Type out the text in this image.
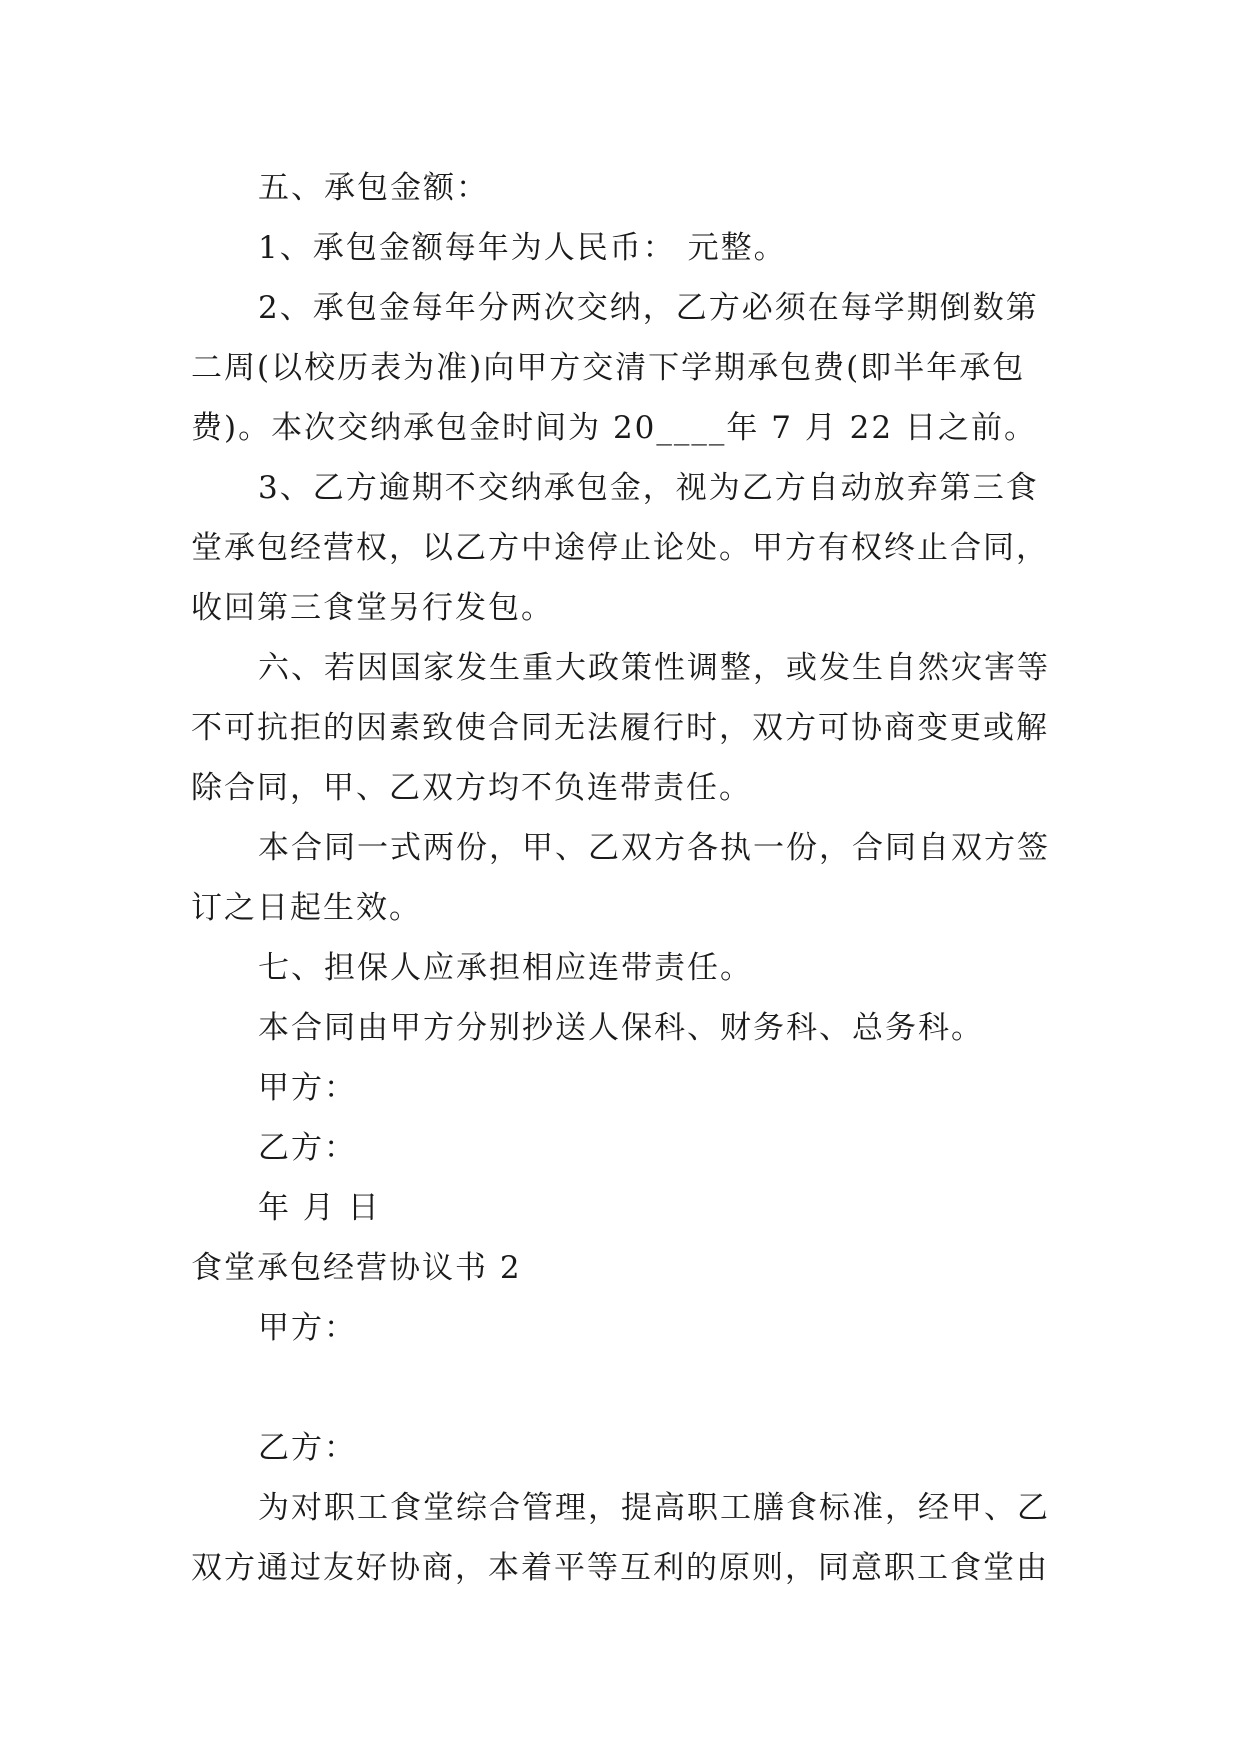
五、承包金额：

1、承包金额每年为人民币： 元整。

2、承包金每年分两次交纳，乙方必须在每学期倒数第

二周(以校历表为准)向甲方交清下学期承包费(即半年承包

费)。本次交纳承包金时间为 20____年 7 月 22 日之前。

3、乙方逾期不交纳承包金，视为乙方自动放弃第三食

堂承包经营权，以乙方中途停止论处。甲方有权终止合同，

收回第三食堂另行发包。

六、若因国家发生重大政策性调整，或发生自然灾害等

不可抗拒的因素致使合同无法履行时，双方可协商变更或解

除合同，甲、乙双方均不负连带责任。

本合同一式两份，甲、乙双方各执一份，合同自双方签

订之日起生效。

七、担保人应承担相应连带责任。

本合同由甲方分别抄送人保科、财务科、总务科。

甲方：

乙方：

年 月 日

食堂承包经营协议书 2

甲方：

乙方：

为对职工食堂综合管理，提高职工膳食标准，经甲、乙

双方通过友好协商，本着平等互利的原则，同意职工食堂由
